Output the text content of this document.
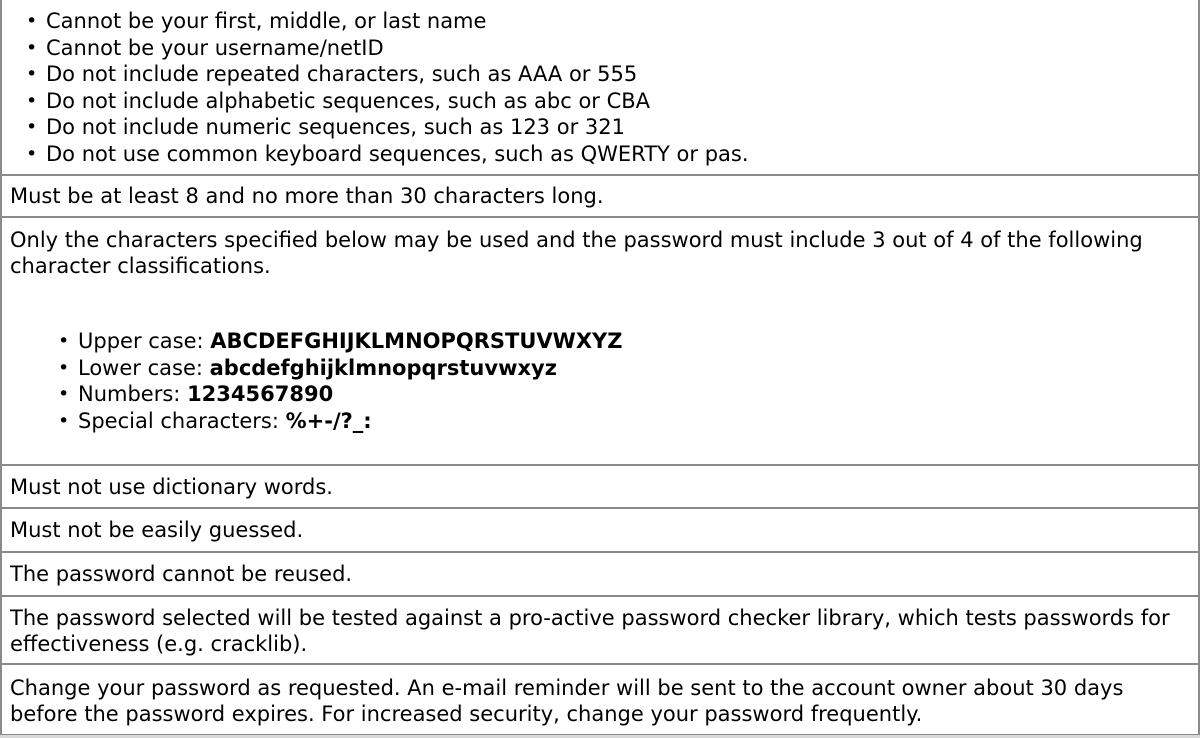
• Cannot be your first, middle, or last name
• Cannot be your username/netID
• Do not include repeated characters, such as AAA or 555
• Do not include alphabetic sequences, such as abc or CBA
• Do not include numeric sequences, such as 123 or 321
• Do not use common keyboard sequences, such as QWERTY or pas.

Must be at least 8 and no more than 30 characters long.

Only the characters specified below may be used and the password must include 3 out of 4 of the following character classifications.

• Upper case: ABCDEFGHIJKLMNOPQRSTUVWXYZ
• Lower case: abcdefghijklmnopqrstuvwxyz
• Numbers: 1234567890
• Special characters: %+-/?_:

Must not use dictionary words.

Must not be easily guessed.

The password cannot be reused.

The password selected will be tested against a pro-active password checker library, which tests passwords for effectiveness (e.g. cracklib).

Change your password as requested. An e-mail reminder will be sent to the account owner about 30 days before the password expires. For increased security, change your password frequently.
